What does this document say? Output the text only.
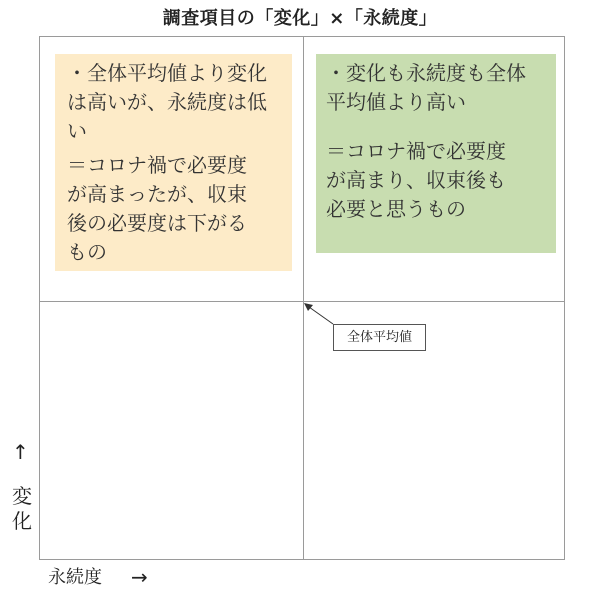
調査項目の「変化」×「永続度」

・全体平均値より変化
は高いが、永続度は低
い

＝コロナ禍で必要度
が高まったが、収束
後の必要度は下がる
もの

・変化も永続度も全体
平均値より高い

＝コロナ禍で必要度
が高まり、収束後も
必要と思うもの

全体平均値
↑
変
化
永続度 →
